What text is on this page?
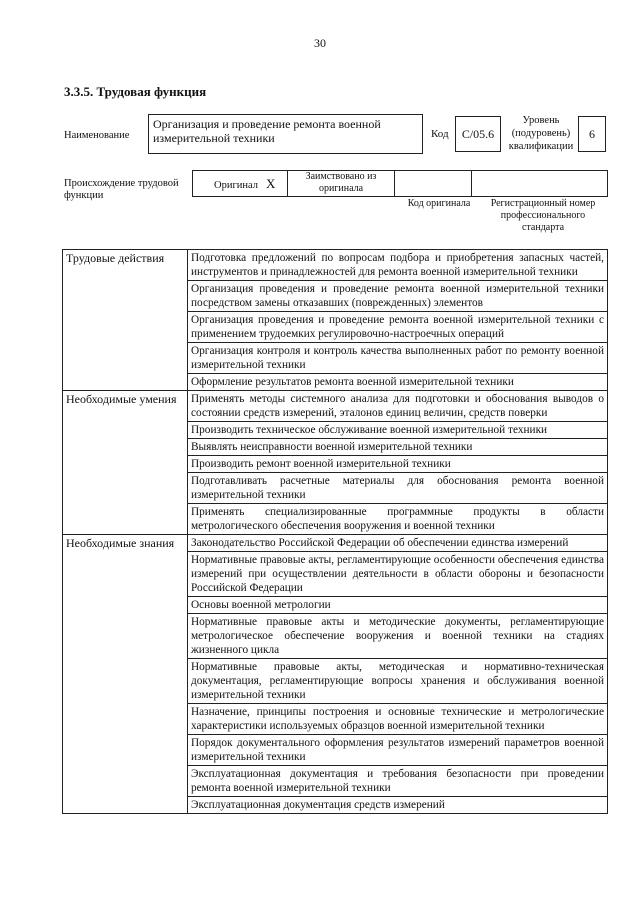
30
3.3.5. Трудовая функция
Наименование
Организация и проведение ремонта военной измерительной техники	Код	C/05.6
Уровень (подуровень) квалификации
6
Происхождение трудовой функции
Оригинал X	Заимствовано из оригинала
Код оригинала	Регистрационный номер профессионального стандарта
Трудовые действия	Подготовка предложений по вопросам подбора и приобретения запасных частей, инструментов и принадлежностей для ремонта военной измерительной техники
	Организация проведения и проведение ремонта военной измерительной техники посредством замены отказавших (поврежденных) элементов
	Организация проведения и проведение ремонта военной измерительной техники с применением трудоемких регулировочно-настроечных операций
	Организация контроля и контроль качества выполненных работ по ремонту военной измерительной техники
	Оформление результатов ремонта военной измерительной техники
Необходимые умения	Применять методы системного анализа для подготовки и обоснования выводов о состоянии средств измерений, эталонов единиц величин, средств поверки
	Производить техническое обслуживание военной измерительной техники
	Выявлять неисправности военной измерительной техники
	Производить ремонт военной измерительной техники
	Подготавливать расчетные материалы для обоснования ремонта военной измерительной техники
	Применять специализированные программные продукты в области метрологического обеспечения вооружения и военной техники
Необходимые знания	Законодательство Российской Федерации об обеспечении единства измерений
	Нормативные правовые акты, регламентирующие особенности обеспечения единства измерений при осуществлении деятельности в области обороны и безопасности Российской Федерации
	Основы военной метрологии
	Нормативные правовые акты и методические документы, регламентирующие метрологическое обеспечение вооружения и военной техники на стадиях жизненного цикла
	Нормативные правовые акты, методическая и нормативно-техническая документация, регламентирующие вопросы хранения и обслуживания военной измерительной техники
	Назначение, принципы построения и основные технические и метрологические характеристики используемых образцов военной измерительной техники
	Порядок документального оформления результатов измерений параметров военной измерительной техники
	Эксплуатационная документация и требования безопасности при проведении ремонта военной измерительной техники
	Эксплуатационная документация средств измерений
